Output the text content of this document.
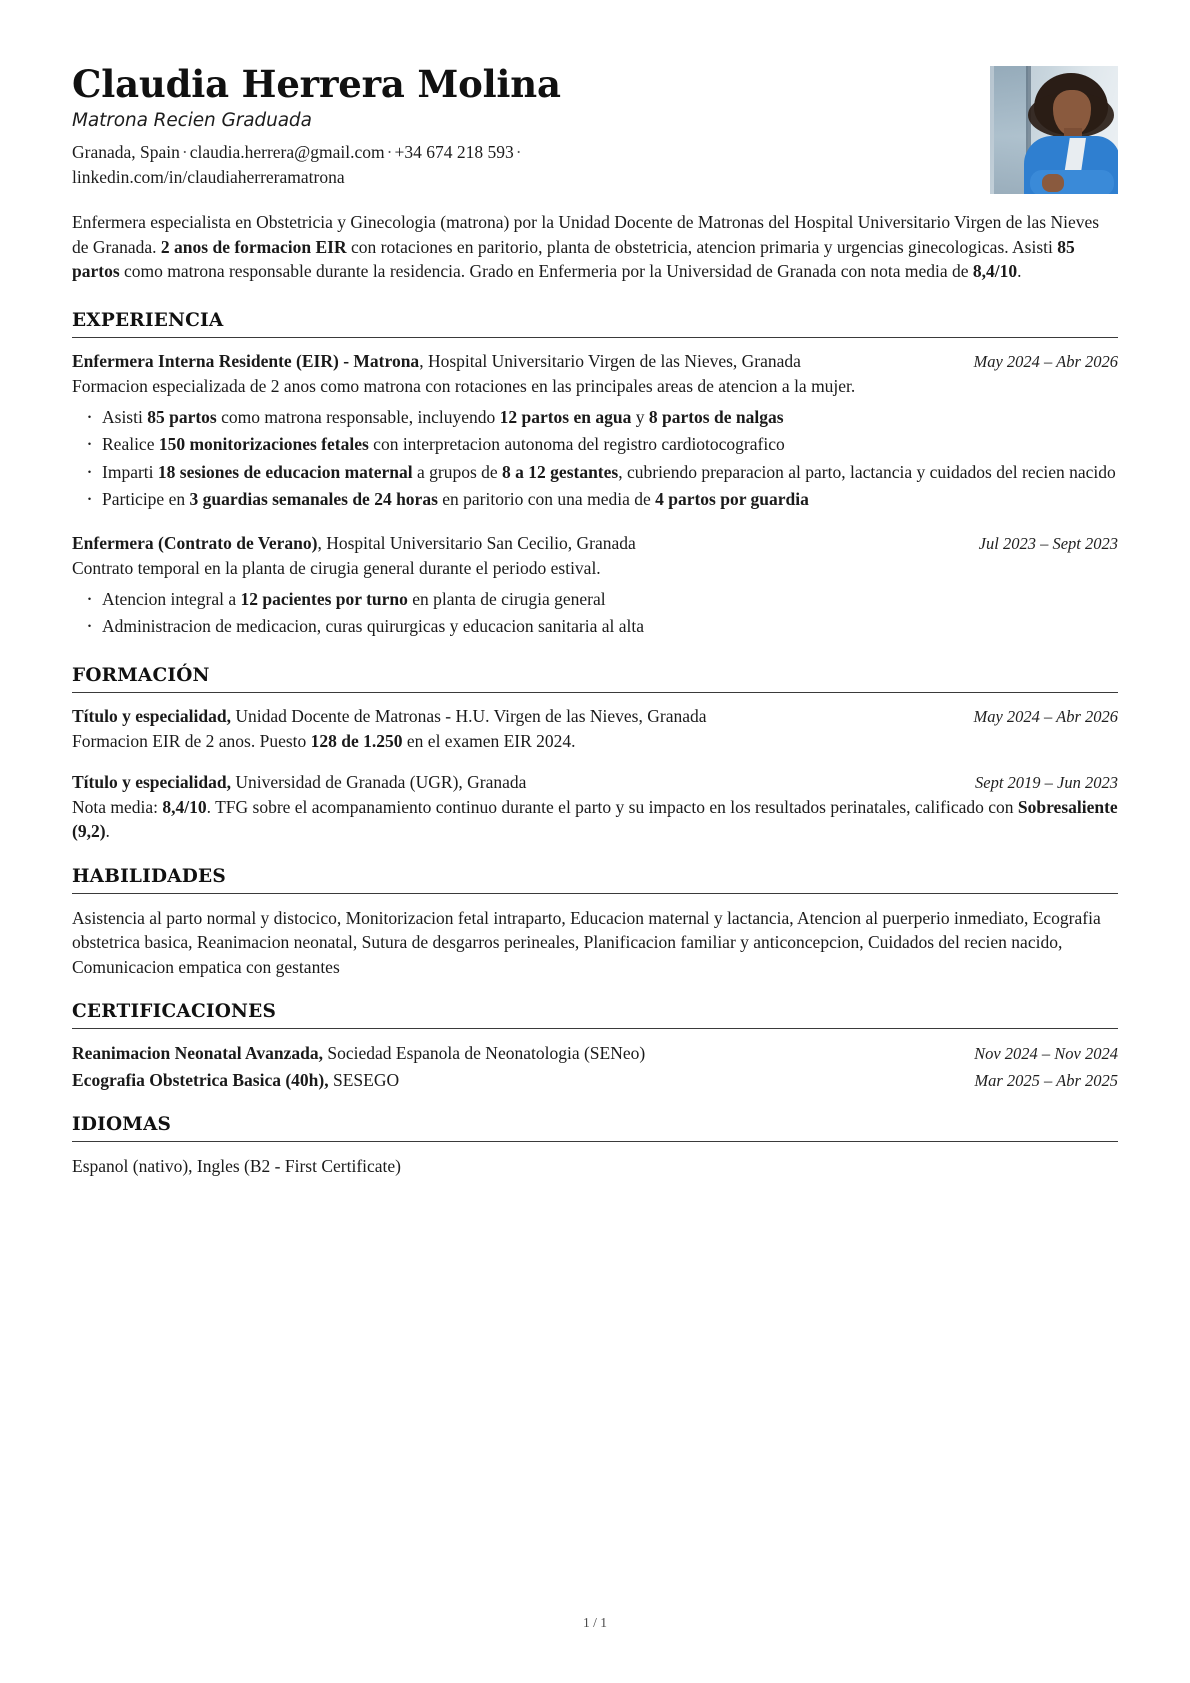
Claudia Herrera Molina
Matrona Recien Graduada
Granada, Spain · claudia.herrera@gmail.com · +34 674 218 593 · linkedin.com/in/claudiaherreramatrona
Enfermera especialista en Obstetricia y Ginecologia (matrona) por la Unidad Docente de Matronas del Hospital Universitario Virgen de las Nieves de Granada. 2 anos de formacion EIR con rotaciones en paritorio, planta de obstetricia, atencion primaria y urgencias ginecologicas. Asisti 85 partos como matrona responsable durante la residencia. Grado en Enfermeria por la Universidad de Granada con nota media de 8,4/10.
EXPERIENCIA
Enfermera Interna Residente (EIR) - Matrona, Hospital Universitario Virgen de las Nieves, Granada	May 2024 – Abr 2026
Formacion especializada de 2 anos como matrona con rotaciones en las principales areas de atencion a la mujer.
· Asisti 85 partos como matrona responsable, incluyendo 12 partos en agua y 8 partos de nalgas
· Realice 150 monitorizaciones fetales con interpretacion autonoma del registro cardiotocografico
· Imparti 18 sesiones de educacion maternal a grupos de 8 a 12 gestantes, cubriendo preparacion al parto, lactancia y cuidados del recien nacido
· Participe en 3 guardias semanales de 24 horas en paritorio con una media de 4 partos por guardia
Enfermera (Contrato de Verano), Hospital Universitario San Cecilio, Granada	Jul 2023 – Sept 2023
Contrato temporal en la planta de cirugia general durante el periodo estival.
· Atencion integral a 12 pacientes por turno en planta de cirugia general
· Administracion de medicacion, curas quirurgicas y educacion sanitaria al alta
FORMACIÓN
Título y especialidad, Unidad Docente de Matronas - H.U. Virgen de las Nieves, Granada	May 2024 – Abr 2026
Formacion EIR de 2 anos. Puesto 128 de 1.250 en el examen EIR 2024.
Título y especialidad, Universidad de Granada (UGR), Granada	Sept 2019 – Jun 2023
Nota media: 8,4/10. TFG sobre el acompanamiento continuo durante el parto y su impacto en los resultados perinatales, calificado con Sobresaliente (9,2).
HABILIDADES
Asistencia al parto normal y distocico, Monitorizacion fetal intraparto, Educacion maternal y lactancia, Atencion al puerperio inmediato, Ecografia obstetrica basica, Reanimacion neonatal, Sutura de desgarros perineales, Planificacion familiar y anticoncepcion, Cuidados del recien nacido, Comunicacion empatica con gestantes
CERTIFICACIONES
Reanimacion Neonatal Avanzada, Sociedad Espanola de Neonatologia (SENeo)	Nov 2024 – Nov 2024
Ecografia Obstetrica Basica (40h), SESEGO	Mar 2025 – Abr 2025
IDIOMAS
Espanol (nativo), Ingles (B2 - First Certificate)
1 / 1
